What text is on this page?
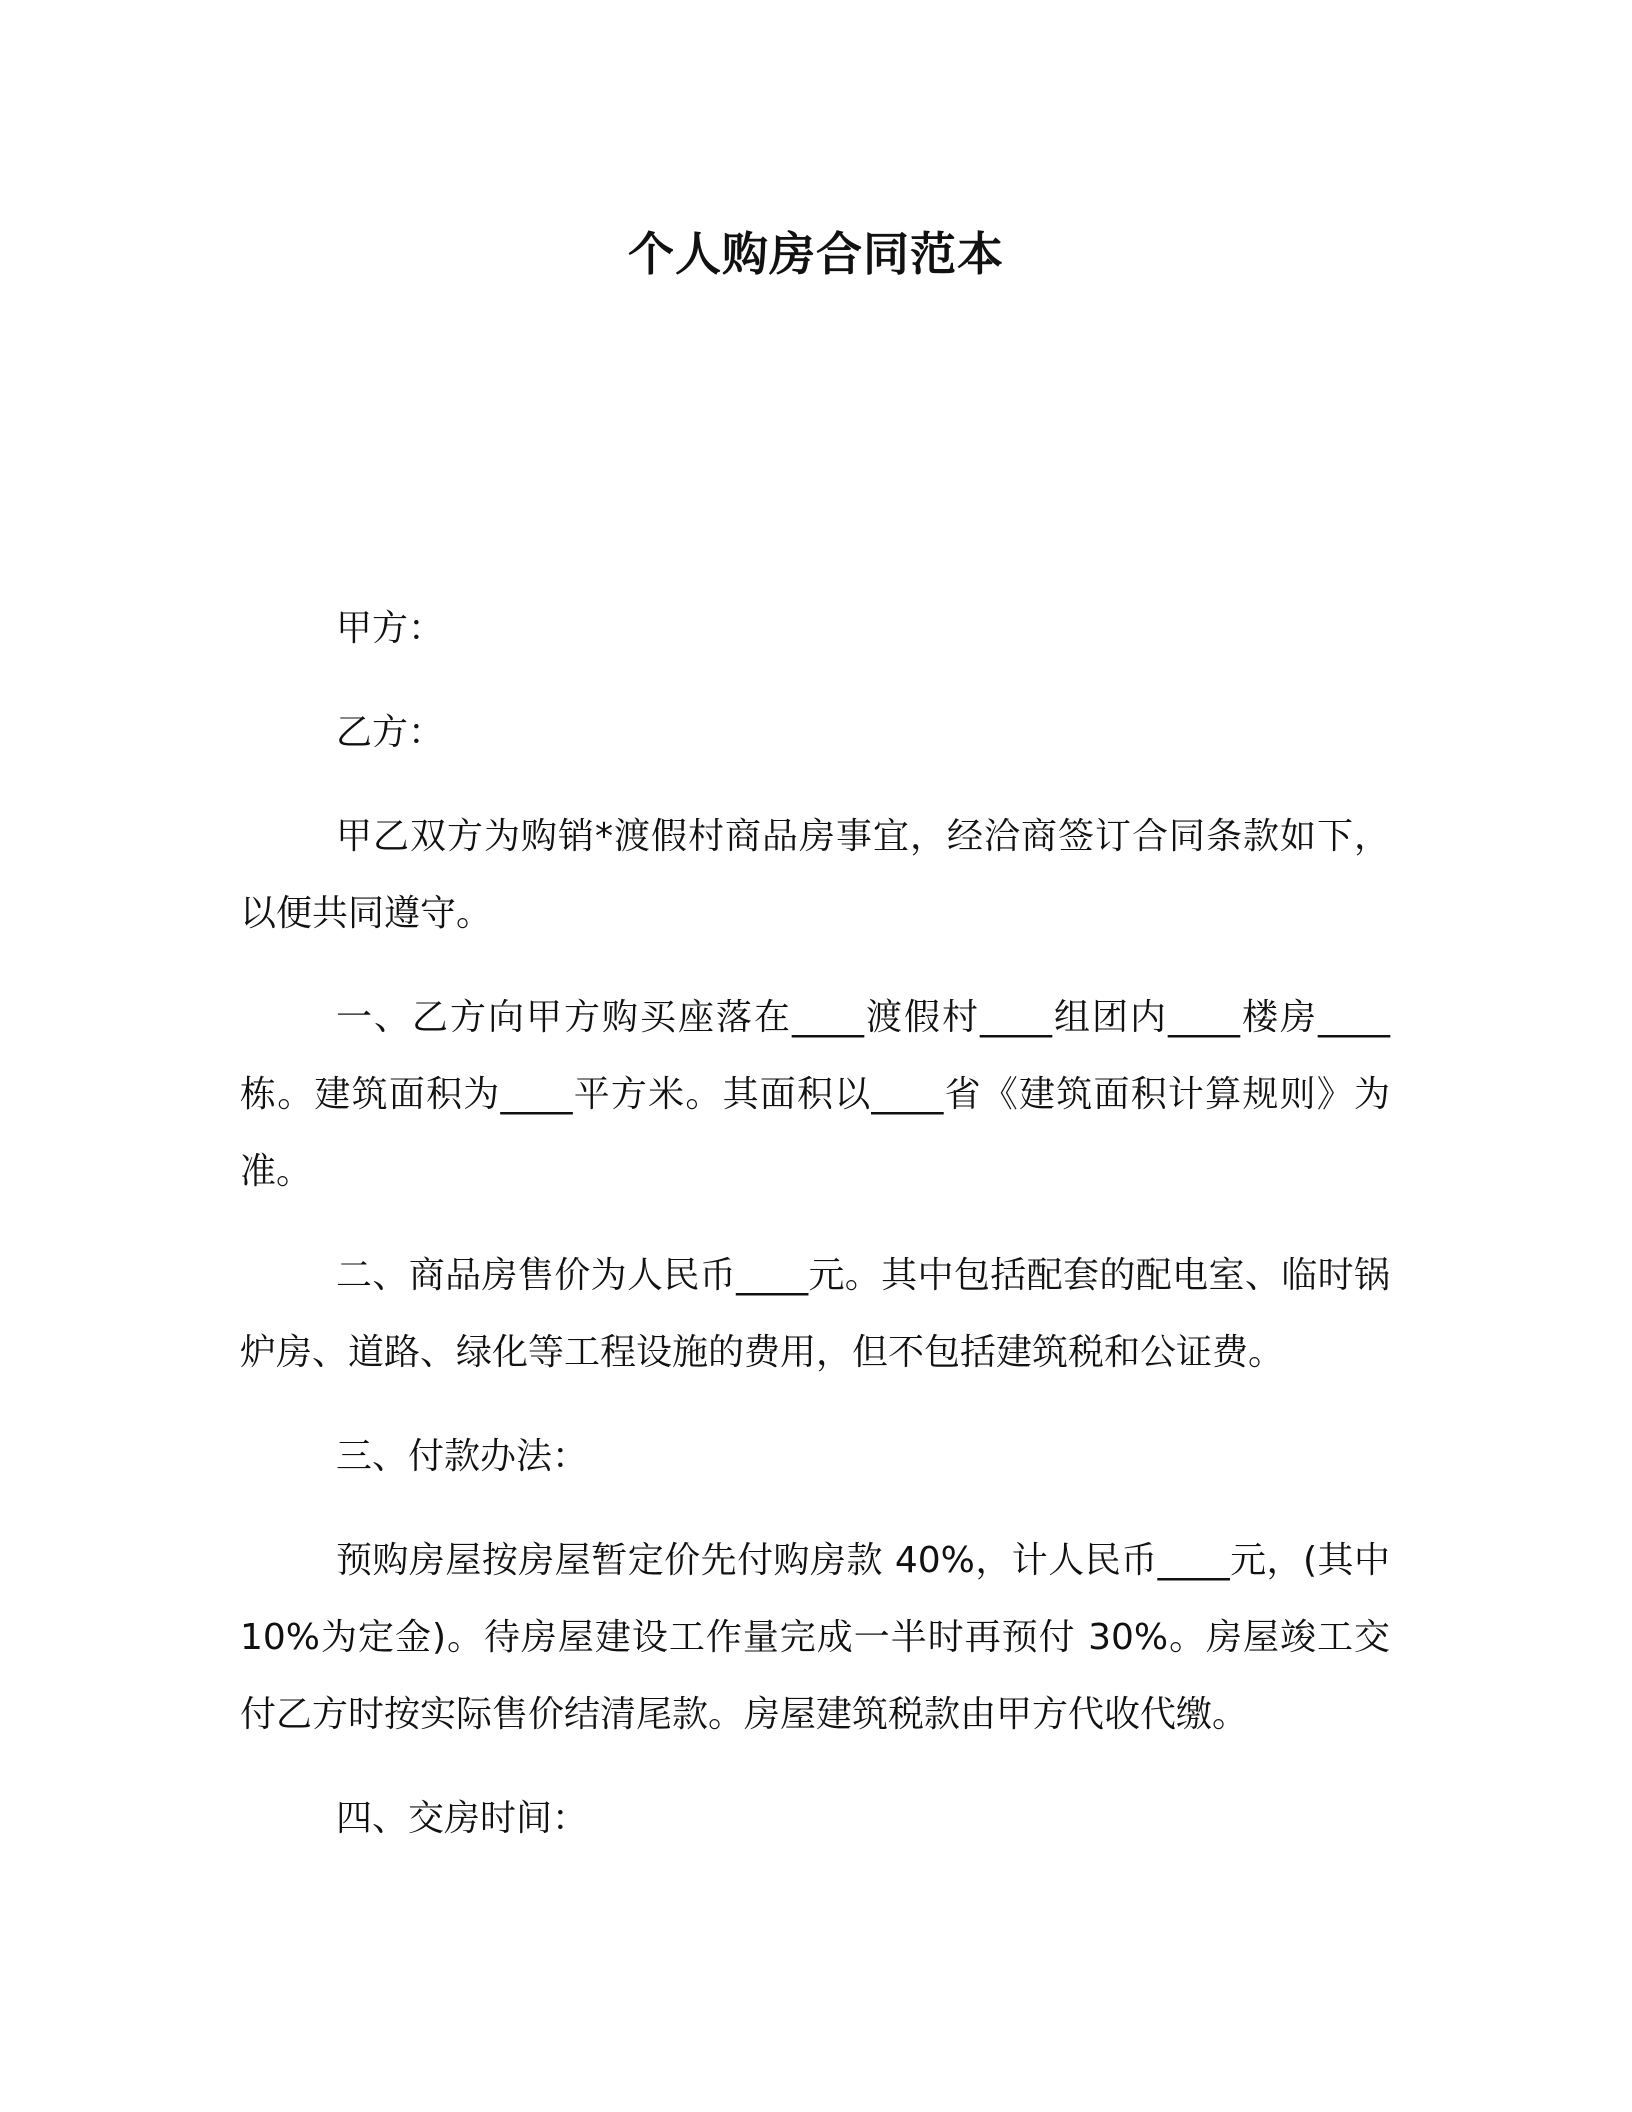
个人购房合同范本

甲方：

乙方：

甲乙双方为购销*渡假村商品房事宜，经洽商签订合同条款如下，以便共同遵守。

一、乙方向甲方购买座落在____渡假村____组团内____楼房____栋。建筑面积为____平方米。其面积以____省《建筑面积计算规则》为准。

二、商品房售价为人民币____元。其中包括配套的配电室、临时锅炉房、道路、绿化等工程设施的费用，但不包括建筑税和公证费。

三、付款办法：

预购房屋按房屋暂定价先付购房款 40%，计人民币____元，(其中 10%为定金)。待房屋建设工作量完成一半时再预付 30%。房屋竣工交付乙方时按实际售价结清尾款。房屋建筑税款由甲方代收代缴。

四、交房时间：
